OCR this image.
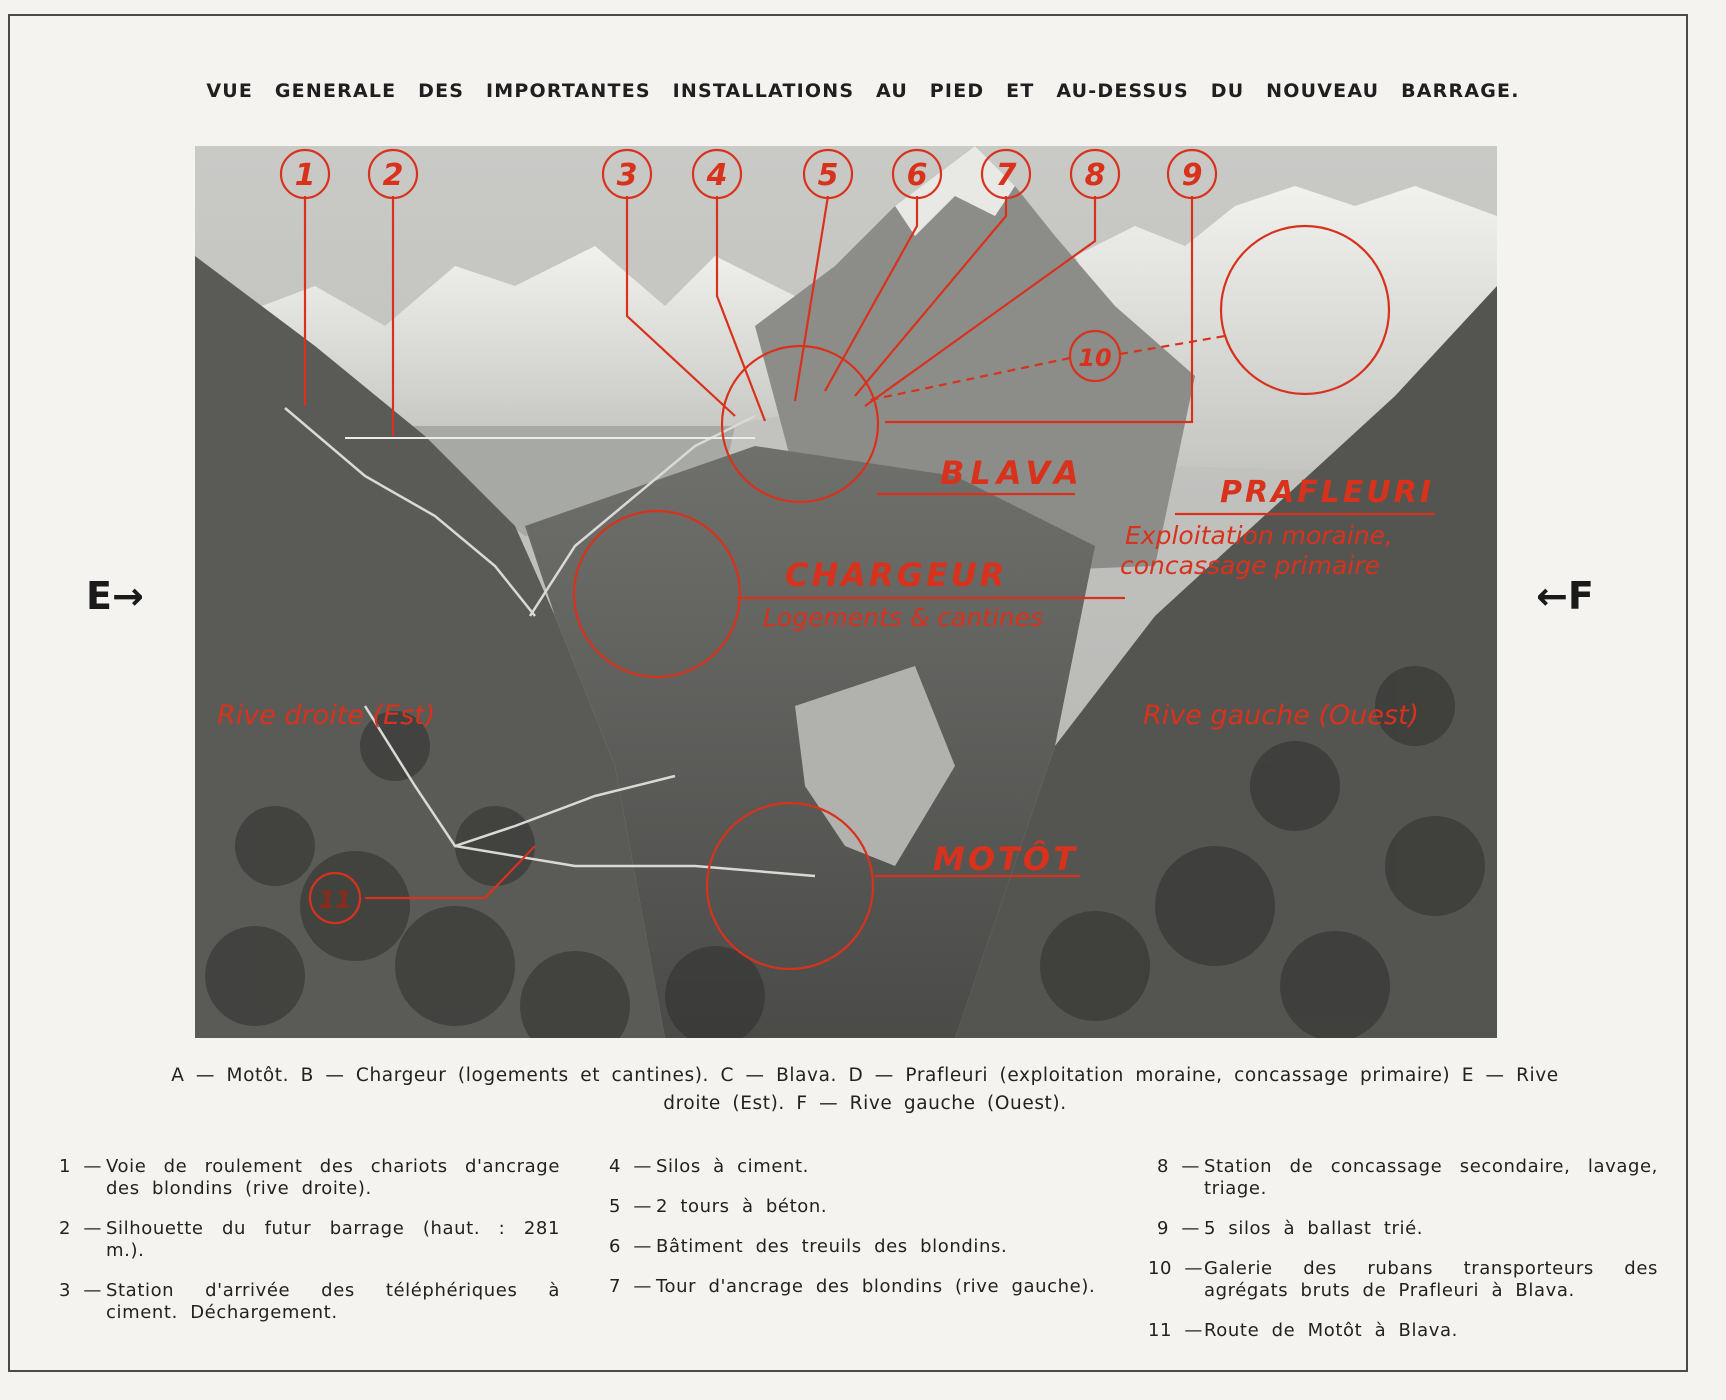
VUE GENERALE DES IMPORTANTES INSTALLATIONS AU PIED ET AU-DESSUS DU NOUVEAU BARRAGE.
1 2	3 4	5 6 7 8	9
10
11
BLAVA
PRAFLEURI
Exploitation moraine,
concassage primaire
CHARGEUR
Logements & cantines
Rive droite (Est)	Rive gauche (Ouest)
MOTÔT
E→	←F
A — Motôt. B — Chargeur (logements et cantines). C — Blava. D — Prafleuri (exploitation moraine, concassage primaire) E — Rive
droite (Est). F — Rive gauche (Ouest).
1 — Voie de roulement des chariots d'ancrage des blondins (rive droite).
2 — Silhouette du futur barrage (haut. : 281 m.).
3 — Station d'arrivée des téléphériques à ciment. Déchargement.
4 — Silos à ciment.
5 — 2 tours à béton.
6 — Bâtiment des treuils des blondins.
7 — Tour d'ancrage des blondins (rive gauche).
8 — Station de concassage secondaire, lavage, triage.
9 — 5 silos à ballast trié.
10 — Galerie des rubans transporteurs des agrégats bruts de Prafleuri à Blava.
11 — Route de Motôt à Blava.
